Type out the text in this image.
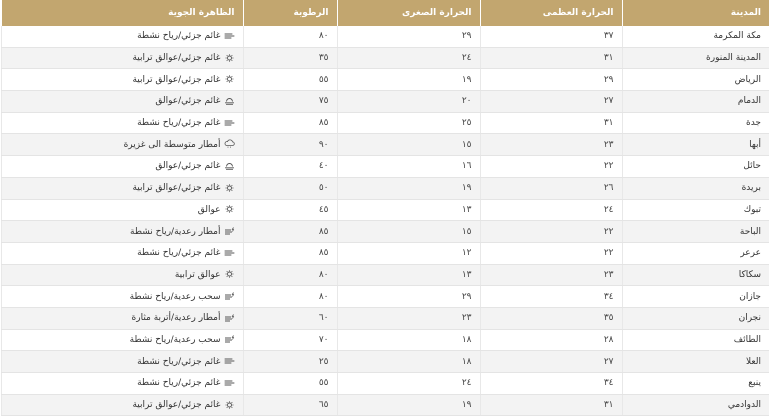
المدينة	الحرارة العظمى	الحرارة الصغرى	الرطوبة	الظاهرة الجوية
مكة المكرمة	٣٧	٢٩	٨٠	غائم جزئي/رياح نشطة
المدينة المنورة	٣١	٢٤	٣٥	غائم جزئي/عوالق ترابية
الرياض	٢٩	١٩	٥٥	غائم جزئي/عوالق ترابية
الدمام	٢٧	٢٠	٧٥	غائم جزئي/عوالق
جدة	٣١	٢٥	٨٥	غائم جزئي/رياح نشطة
أبها	٢٣	١٥	٩٠	أمطار متوسطة الى غزيرة
حائل	٢٢	١٦	٤٠	غائم جزئي/عوالق
بريدة	٢٦	١٩	٥٠	غائم جزئي/عوالق ترابية
تبوك	٢٤	١٣	٤٥	عوالق
الباحة	٢٢	١٥	٨٥	أمطار رعدية/رياح نشطة
عرعر	٢٢	١٢	٨٥	غائم جزئي/رياح نشطة
سكاكا	٢٣	١٣	٨٠	عوالق ترابية
جازان	٣٤	٢٩	٨٠	سحب رعدية/رياح نشطة
نجران	٣٥	٢٣	٦٠	أمطار رعدية/أتربة مثارة
الطائف	٢٨	١٨	٧٠	سحب رعدية/رياح نشطة
العلا	٢٧	١٨	٢٥	غائم جزئي/رياح نشطة
ينبع	٣٤	٢٤	٥٥	غائم جزئي/رياح نشطة
الدوادمي	٣١	١٩	٦٥	غائم جزئي/عوالق ترابية
